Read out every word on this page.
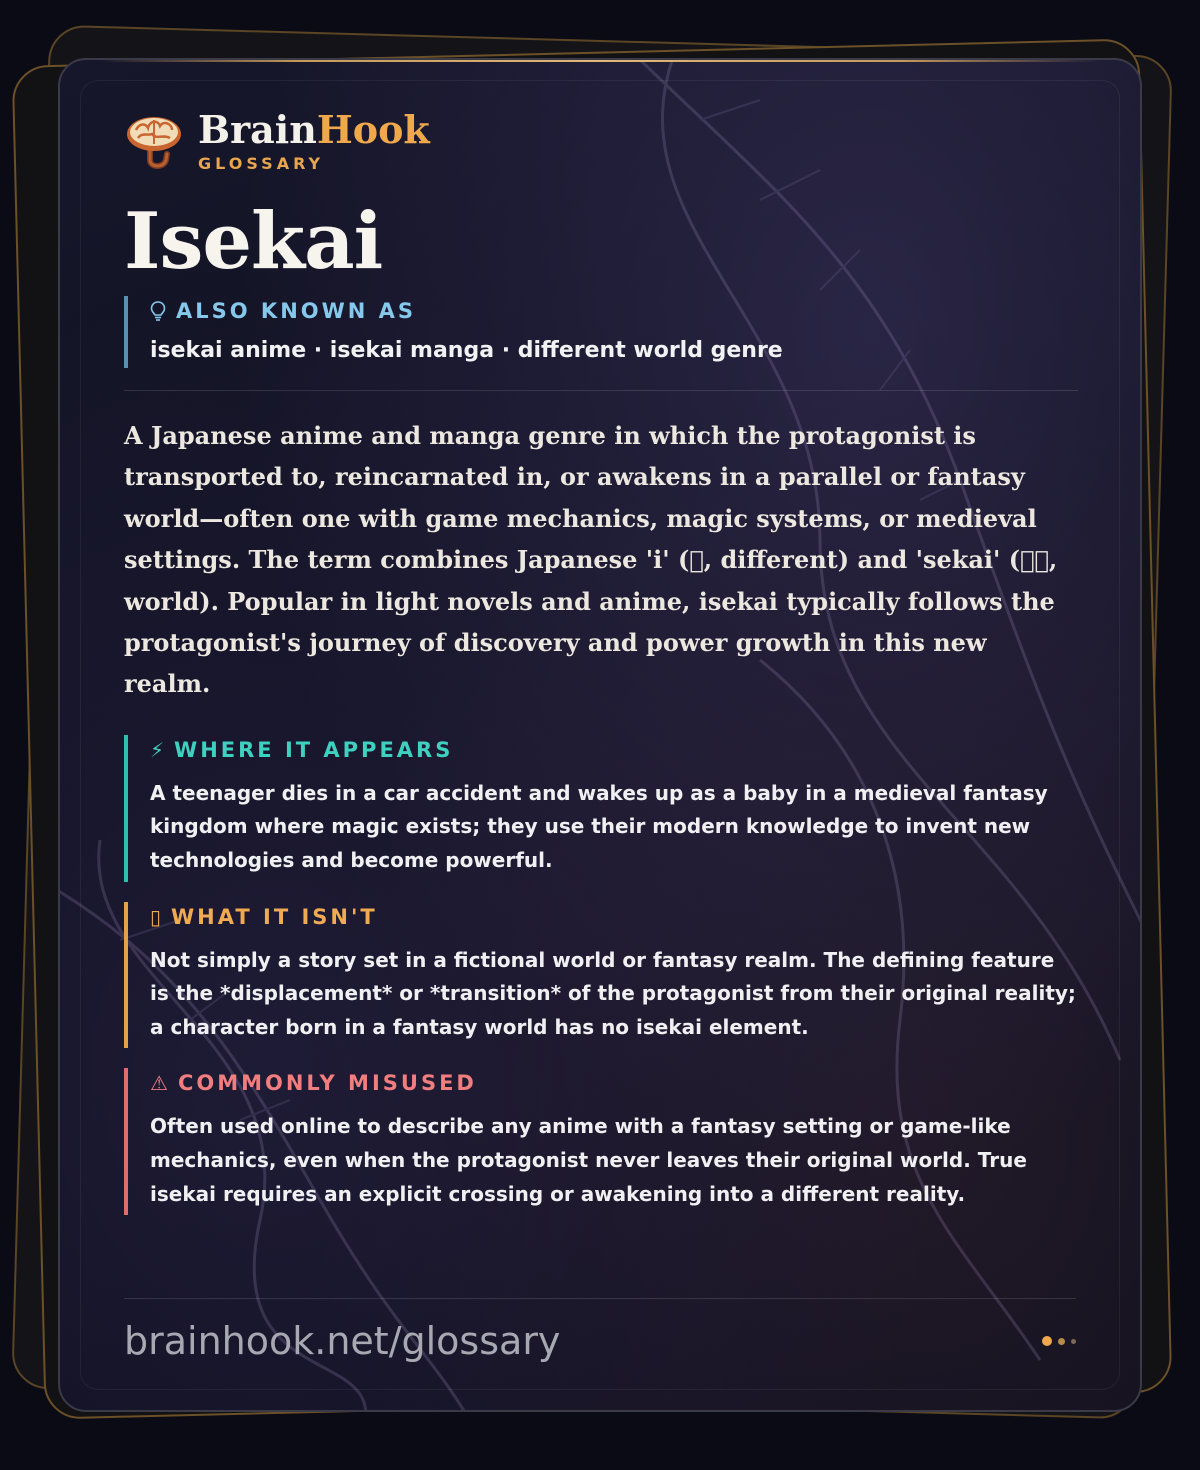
BrainHook
GLOSSARY
Isekai
ALSO KNOWN AS
isekai anime · isekai manga · different world genre
A Japanese anime and manga genre in which the protagonist is transported to, reincarnated in, or awakens in a parallel or fantasy world—often one with game mechanics, magic systems, or medieval settings. The term combines Japanese 'i' ( , different) and 'sekai' (  , world). Popular in light novels and anime, isekai typically follows the protagonist's journey of discovery and power growth in this new realm.
⚡ WHERE IT APPEARS
A teenager dies in a car accident and wakes up as a baby in a medieval fantasy kingdom where magic exists; they use their modern knowledge to invent new technologies and become powerful.
▯ WHAT IT ISN'T
Not simply a story set in a fictional world or fantasy realm. The defining feature is the *displacement* or *transition* of the protagonist from their original reality; a character born in a fantasy world has no isekai element.
⚠ COMMONLY MISUSED
Often used online to describe any anime with a fantasy setting or game-like mechanics, even when the protagonist never leaves their original world. True isekai requires an explicit crossing or awakening into a different reality.
brainhook.net/glossary
